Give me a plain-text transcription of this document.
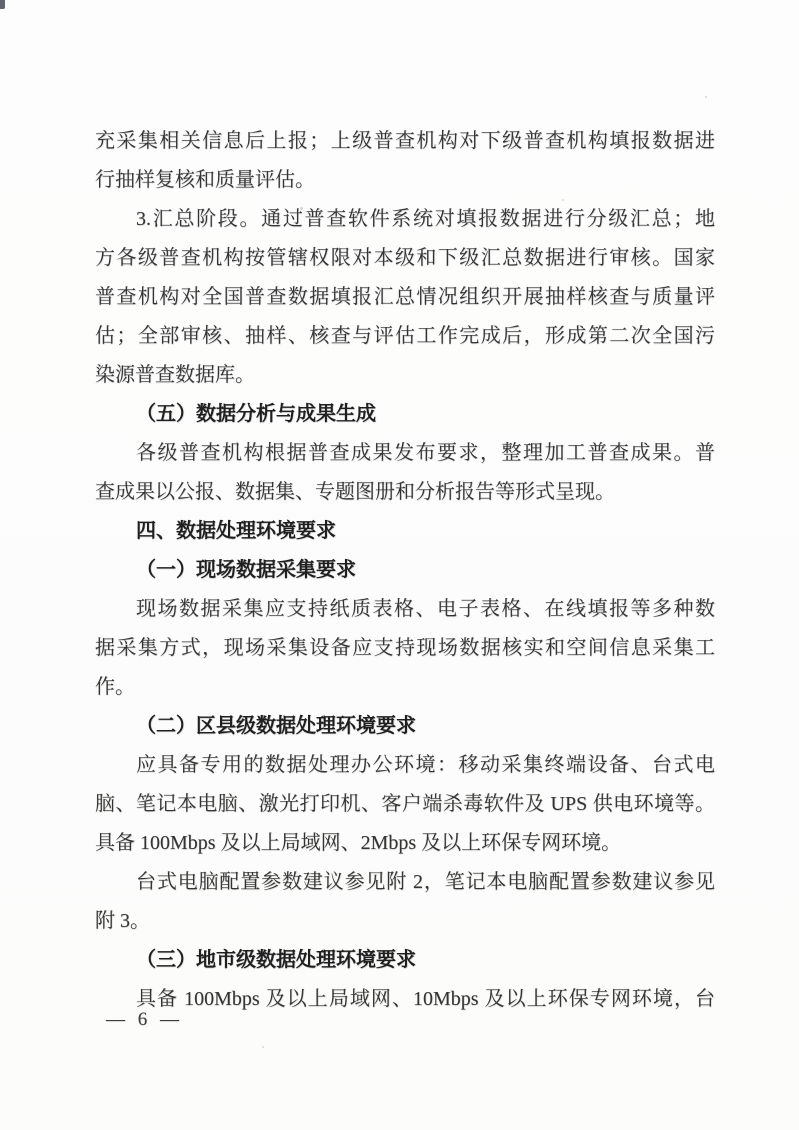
充采集相关信息后上报；上级普查机构对下级普查机构填报数据进
行抽样复核和质量评估。
3.汇总阶段。通过普查软件系统对填报数据进行分级汇总；地
方各级普查机构按管辖权限对本级和下级汇总数据进行审核。国家
普查机构对全国普查数据填报汇总情况组织开展抽样核查与质量评
估；全部审核、抽样、核查与评估工作完成后，形成第二次全国污
染源普查数据库。
（五）数据分析与成果生成
各级普查机构根据普查成果发布要求，整理加工普查成果。普
查成果以公报、数据集、专题图册和分析报告等形式呈现。
四、数据处理环境要求
（一）现场数据采集要求
现场数据采集应支持纸质表格、电子表格、在线填报等多种数
据采集方式，现场采集设备应支持现场数据核实和空间信息采集工
作。
（二）区县级数据处理环境要求
应具备专用的数据处理办公环境：移动采集终端设备、台式电
脑、笔记本电脑、激光打印机、客户端杀毒软件及 UPS 供电环境等。
具备 100Mbps 及以上局域网、2Mbps 及以上环保专网环境。
台式电脑配置参数建议参见附 2，笔记本电脑配置参数建议参见
附 3。
（三）地市级数据处理环境要求
具备 100Mbps 及以上局域网、10Mbps 及以上环保专网环境，台
— 6 —
